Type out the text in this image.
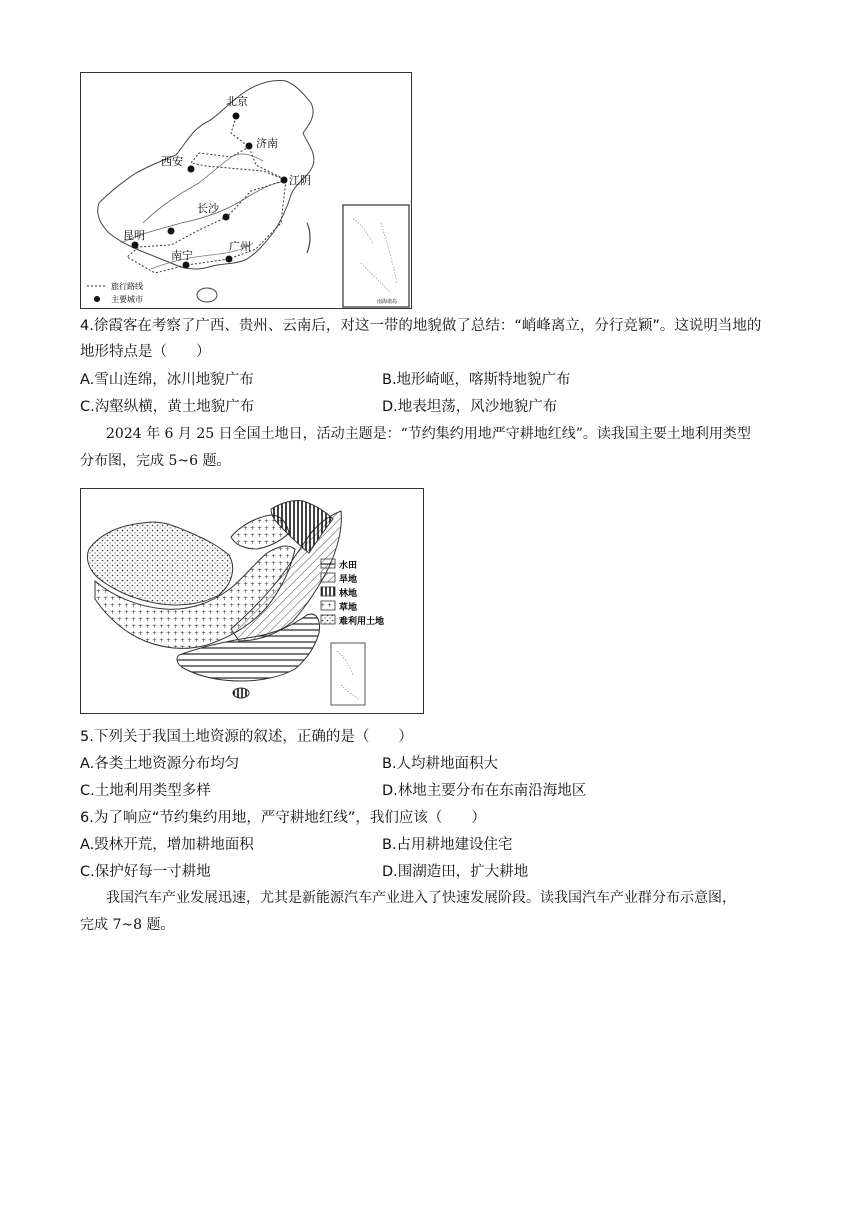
北京
济南
西安
江阴
长沙
昆明
南宁
广州
旅行路线
主要城市	南海诸岛
4.徐霞客在考察了广西、贵州、云南后，对这一带的地貌做了总结：“峭峰离立，分行竞颖”。这说明当地的
地形特点是（　　）
A.雪山连绵，冰川地貌广布	B.地形崎岖，喀斯特地貌广布
C.沟壑纵横，黄土地貌广布	D.地表坦荡，风沙地貌广布
2024 年 6 月 25 日全国土地日，活动主题是：“节约集约用地严守耕地红线”。读我国主要土地利用类型
分布图，完成 5~6 题。
水田
旱地
林地
草地
难利用土地
5.下列关于我国土地资源的叙述，正确的是（　　）
A.各类土地资源分布均匀	B.人均耕地面积大
C.土地利用类型多样	D.林地主要分布在东南沿海地区
6.为了响应“节约集约用地，严守耕地红线”，我们应该（　　）
A.毁林开荒，增加耕地面积	B.占用耕地建设住宅
C.保护好每一寸耕地	D.围湖造田，扩大耕地
我国汽车产业发展迅速，尤其是新能源汽车产业进入了快速发展阶段。读我国汽车产业群分布示意图，
完成 7~8 题。
